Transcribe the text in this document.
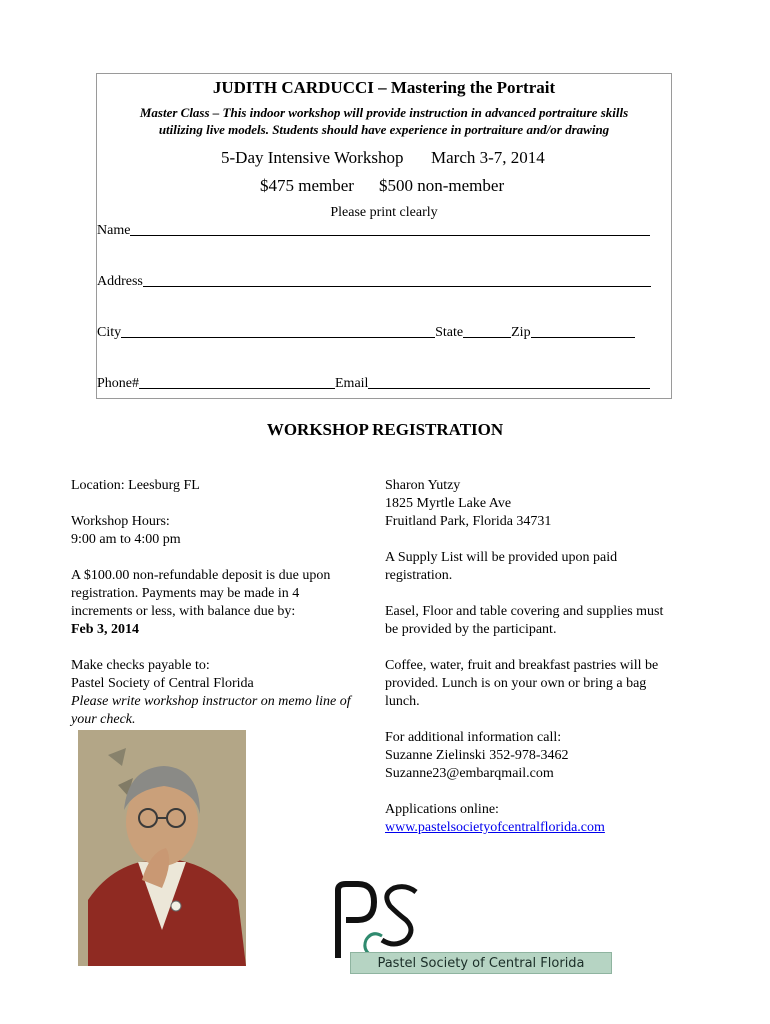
JUDITH CARDUCCI – Mastering the Portrait
Master Class – This indoor workshop will provide instruction in advanced portraiture skills
utilizing live models. Students should have experience in portraiture and/or drawing
5-Day Intensive Workshop March 3-7, 2014
$475 member $500 non-member
Please print clearly
Name
Address
City	State	Zip
Phone#	Email
WORKSHOP REGISTRATION

Location: Leesburg FL

Workshop Hours:

9:00 am to 4:00 pm

A $100.00 non-refundable deposit is due upon

registration. Payments may be made in 4

increments or less, with balance due by:

Feb 3, 2014

Make checks payable to:

Pastel Society of Central Florida

Please write workshop instructor on memo line of

your check.

Sharon Yutzy

1825 Myrtle Lake Ave

Fruitland Park, Florida 34731

A Supply List will be provided upon paid

registration.

Easel, Floor and table covering and supplies must

be provided by the participant.

Coffee, water, fruit and breakfast pastries will be

provided. Lunch is on your own or bring a bag

lunch.

For additional information call:

Suzanne Zielinski 352-978-3462

Suzanne23@embarqmail.com

Applications online:

www.pastelsocietyofcentralflorida.com

Pastel Society of Central Florida
